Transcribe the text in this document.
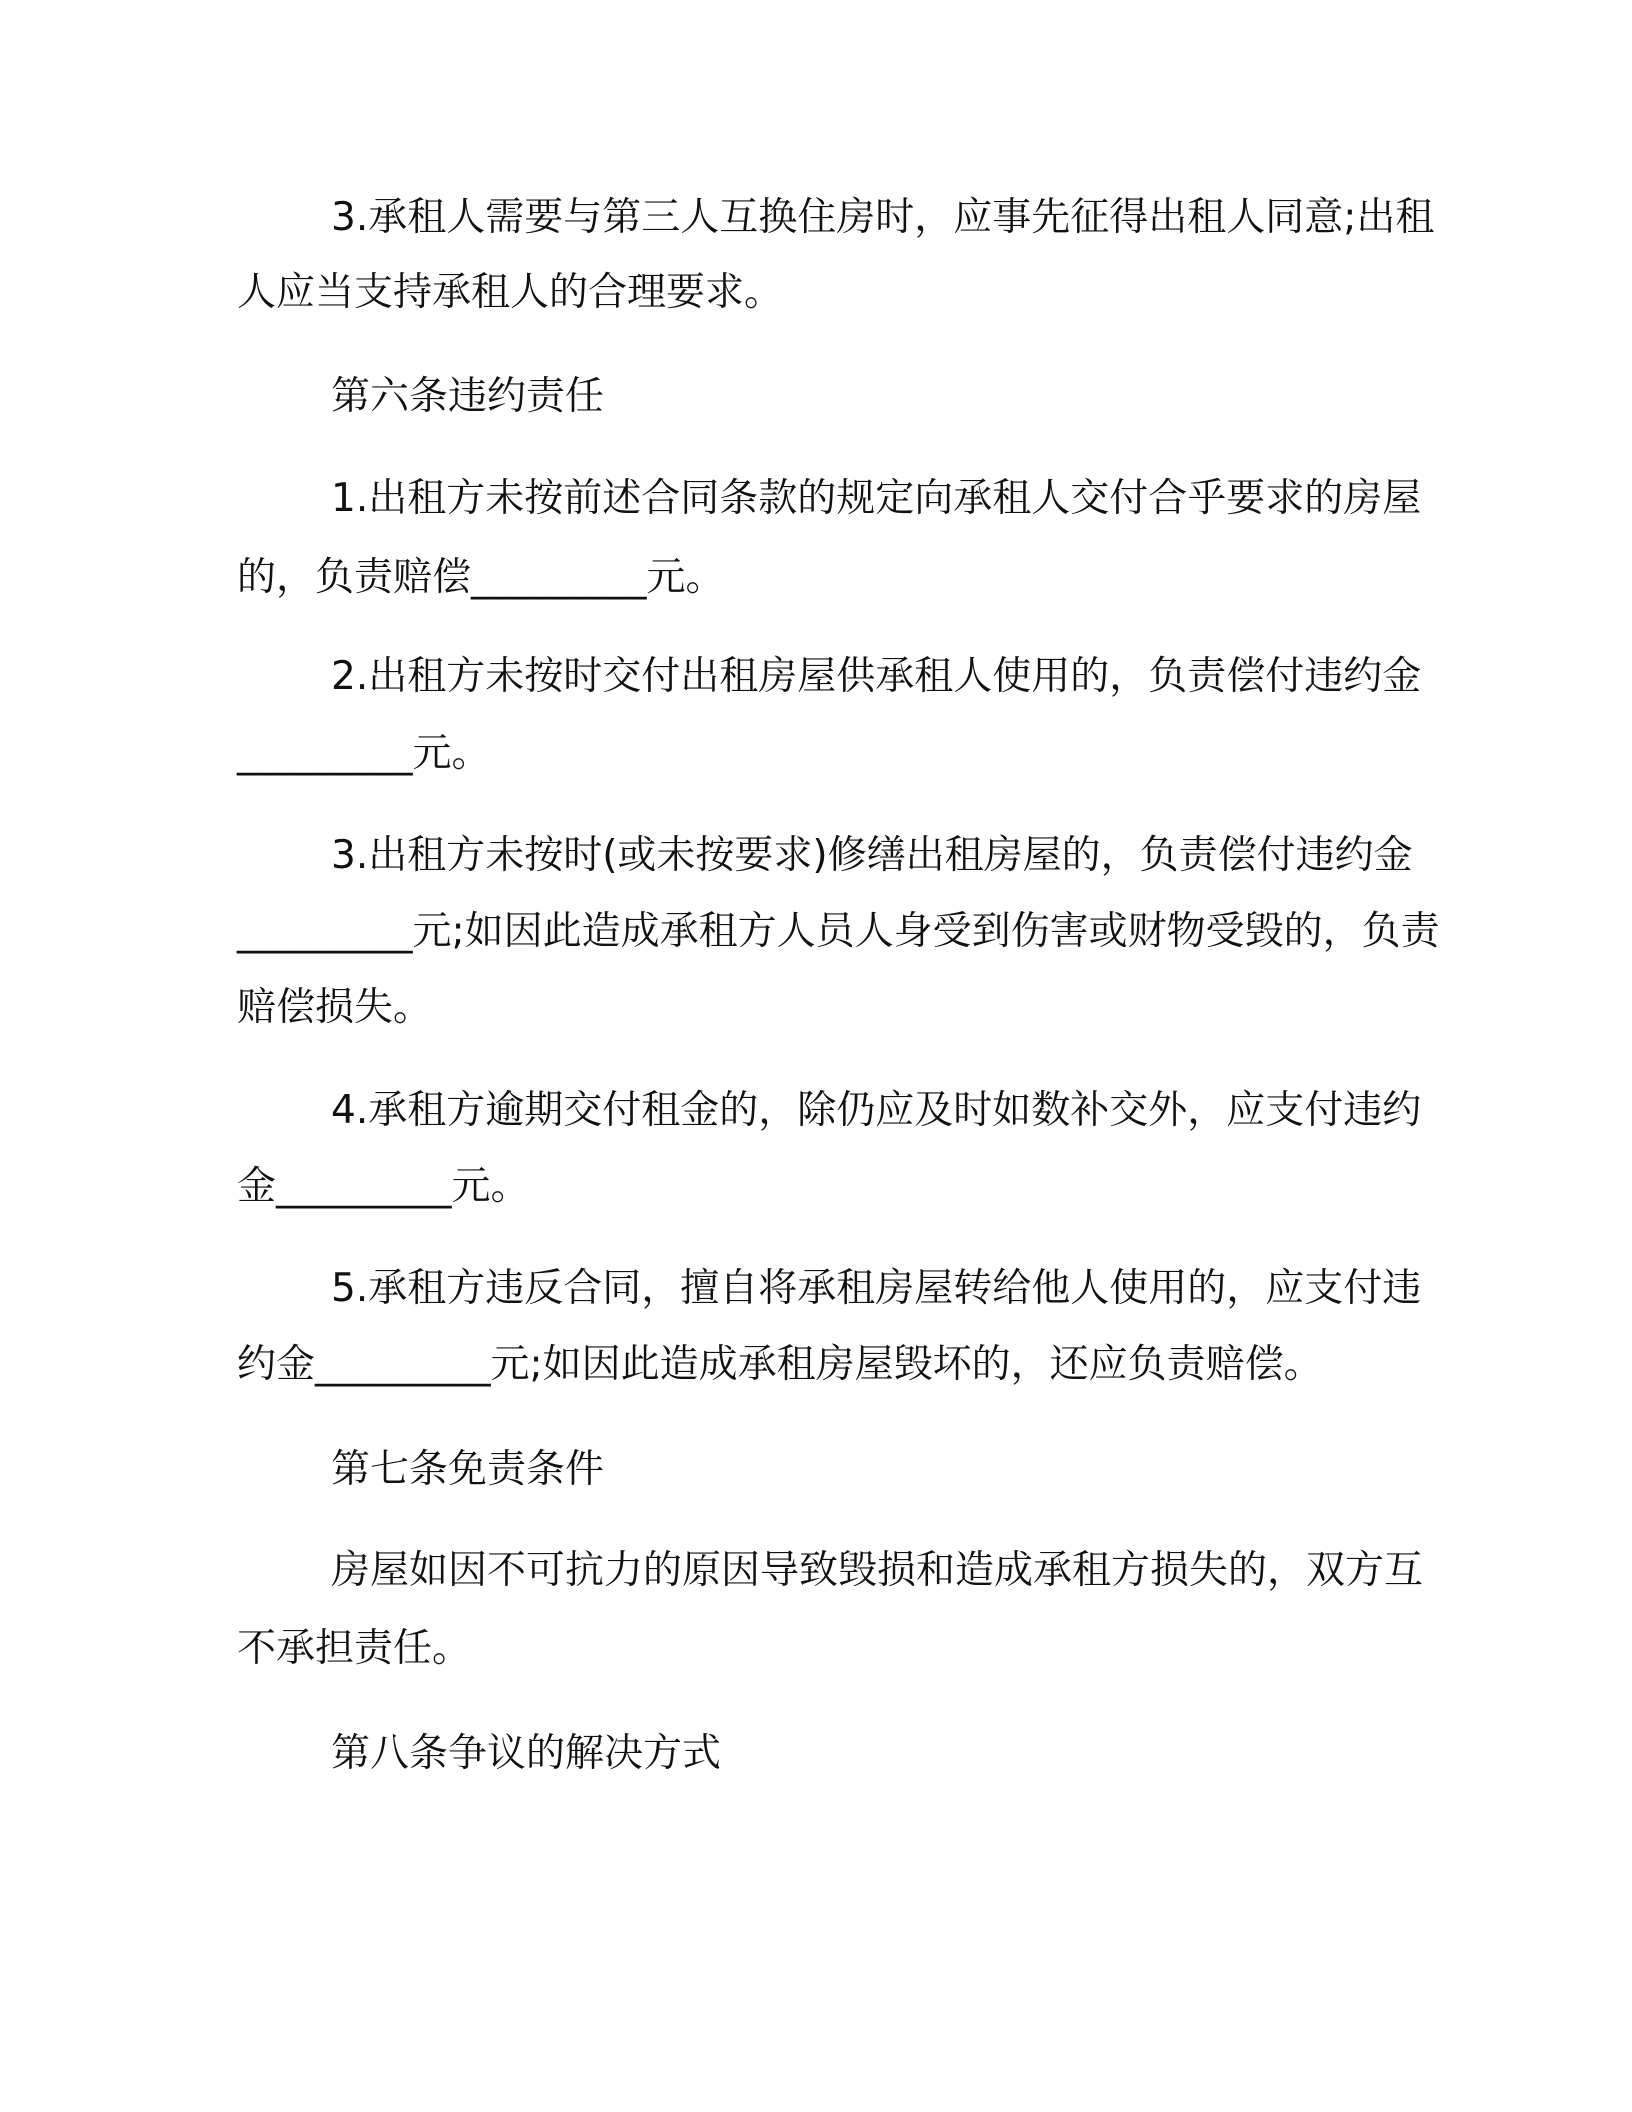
3.承租人需要与第三人互换住房时，应事先征得出租人同意;出租

人应当支持承租人的合理要求。

第六条违约责任

1.出租方未按前述合同条款的规定向承租人交付合乎要求的房屋

的，负责赔偿_________元。

2.出租方未按时交付出租房屋供承租人使用的，负责偿付违约金

_________元。

3.出租方未按时(或未按要求)修缮出租房屋的，负责偿付违约金

_________元;如因此造成承租方人员人身受到伤害或财物受毁的，负责

赔偿损失。

4.承租方逾期交付租金的，除仍应及时如数补交外，应支付违约

金_________元。

5.承租方违反合同，擅自将承租房屋转给他人使用的，应支付违

约金_________元;如因此造成承租房屋毁坏的，还应负责赔偿。

第七条免责条件

房屋如因不可抗力的原因导致毁损和造成承租方损失的，双方互

不承担责任。

第八条争议的解决方式
